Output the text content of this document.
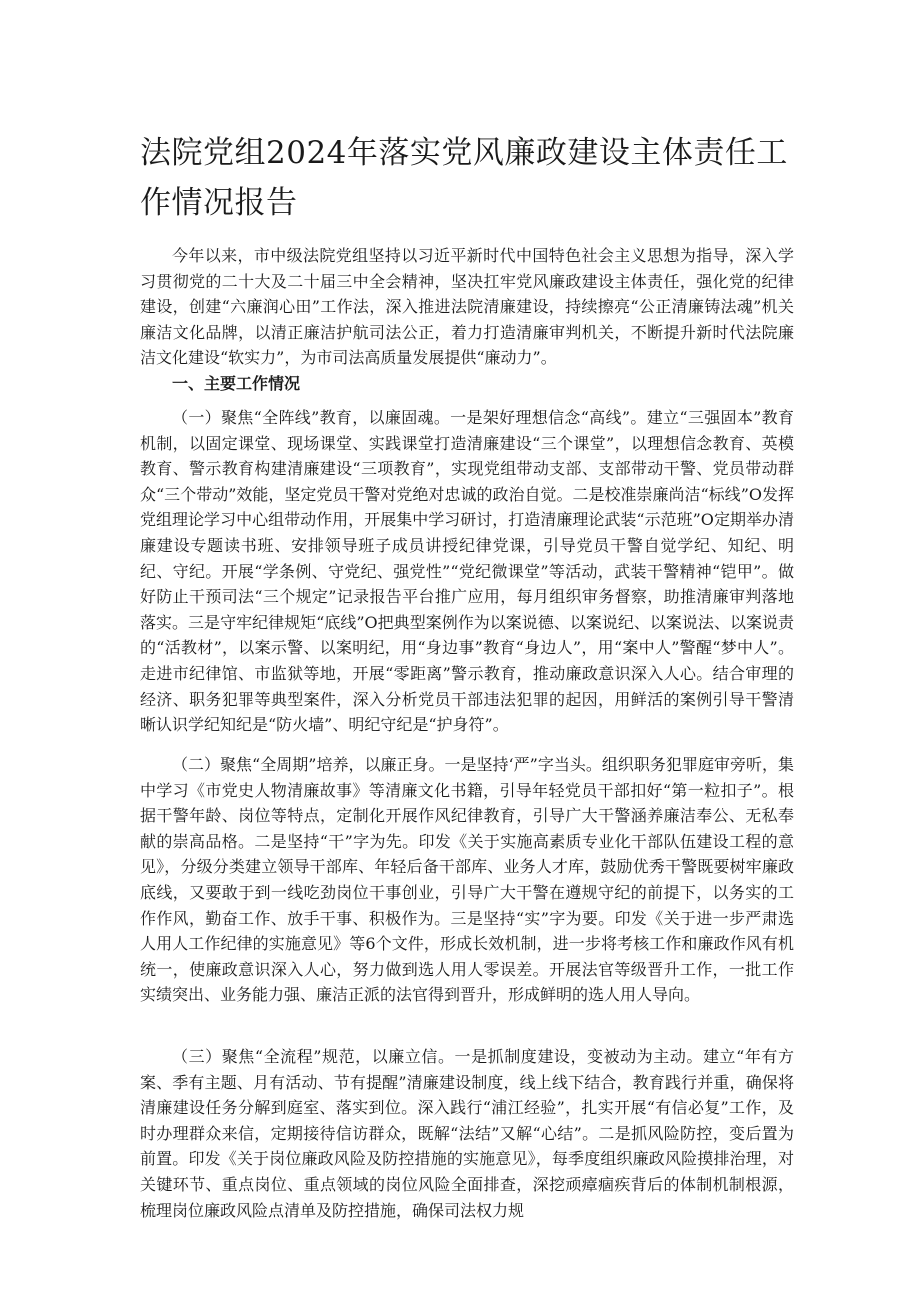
法院党组2024年落实党风廉政建设主体责任工作情况报告

今年以来，市中级法院党组坚持以习近平新时代中国特色社会主义思想为指导，深入学习贯彻党的二十大及二十届三中全会精神，坚决扛牢党风廉政建设主体责任，强化党的纪律建设，创建“六廉润心田”工作法，深入推进法院清廉建设，持续擦亮“公正清廉铸法魂”机关廉洁文化品牌，以清正廉洁护航司法公正，着力打造清廉审判机关，不断提升新时代法院廉洁文化建设“软实力”，为市司法高质量发展提供“廉动力”。

一、主要工作情况

（一）聚焦“全阵线”教育，以廉固魂。一是架好理想信念“高线”。建立“三强固本”教育机制，以固定课堂、现场课堂、实践课堂打造清廉建设“三个课堂”，以理想信念教育、英模教育、警示教育构建清廉建设“三项教育”，实现党组带动支部、支部带动干警、党员带动群众“三个带动”效能，坚定党员干警对党绝对忠诚的政治自觉。二是校准崇廉尚洁“标线”O发挥党组理论学习中心组带动作用，开展集中学习研讨，打造清廉理论武装“示范班”O定期举办清廉建设专题读书班、安排领导班子成员讲授纪律党课，引导党员干警自觉学纪、知纪、明纪、守纪。开展“学条例、守党纪、强党性”“党纪微课堂”等活动，武装干警精神“铠甲”。做好防止干预司法“三个规定”记录报告平台推广应用，每月组织审务督察，助推清廉审判落地落实。三是守牢纪律规矩“底线”O把典型案例作为以案说德、以案说纪、以案说法、以案说责的“活教材”，以案示警、以案明纪，用“身边事”教育“身边人”，用“案中人”警醒“梦中人”。走进市纪律馆、市监狱等地，开展“零距离”警示教育，推动廉政意识深入人心。结合审理的经济、职务犯罪等典型案件，深入分析党员干部违法犯罪的起因，用鲜活的案例引导干警清晰认识学纪知纪是“防火墙”、明纪守纪是“护身符”。

（二）聚焦“全周期”培养，以廉正身。一是坚持‘严”字当头。组织职务犯罪庭审旁听，集中学习《市党史人物清廉故事》等清廉文化书籍，引导年轻党员干部扣好“第一粒扣子”。根据干警年龄、岗位等特点，定制化开展作风纪律教育，引导广大干警涵养廉洁奉公、无私奉献的崇高品格。二是坚持“干”字为先。印发《关于实施高素质专业化干部队伍建设工程的意见》，分级分类建立领导干部库、年轻后备干部库、业务人才库，鼓励优秀干警既要树牢廉政底线，又要敢于到一线吃劲岗位干事创业，引导广大干警在遵规守纪的前提下，以务实的工作作风，勤奋工作、放手干事、积极作为。三是坚持“实”字为要。印发《关于进一步严肃选人用人工作纪律的实施意见》等6个文件，形成长效机制，进一步将考核工作和廉政作风有机统一，使廉政意识深入人心，努力做到选人用人零误差。开展法官等级晋升工作，一批工作实绩突出、业务能力强、廉洁正派的法官得到晋升，形成鲜明的选人用人导向。

（三）聚焦“全流程”规范，以廉立信。一是抓制度建设，变被动为主动。建立“年有方案、季有主题、月有活动、节有提醒”清廉建设制度，线上线下结合，教育践行并重，确保将清廉建设任务分解到庭室、落实到位。深入践行“浦江经验”，扎实开展“有信必复”工作，及时办理群众来信，定期接待信访群众，既解“法结”又解“心结”。二是抓风险防控，变后置为前置。印发《关于岗位廉政风险及防控措施的实施意见》，每季度组织廉政风险摸排治理，对关键环节、重点岗位、重点领域的岗位风险全面排查，深挖顽瘴痼疾背后的体制机制根源，梳理岗位廉政风险点清单及防控措施，确保司法权力规
